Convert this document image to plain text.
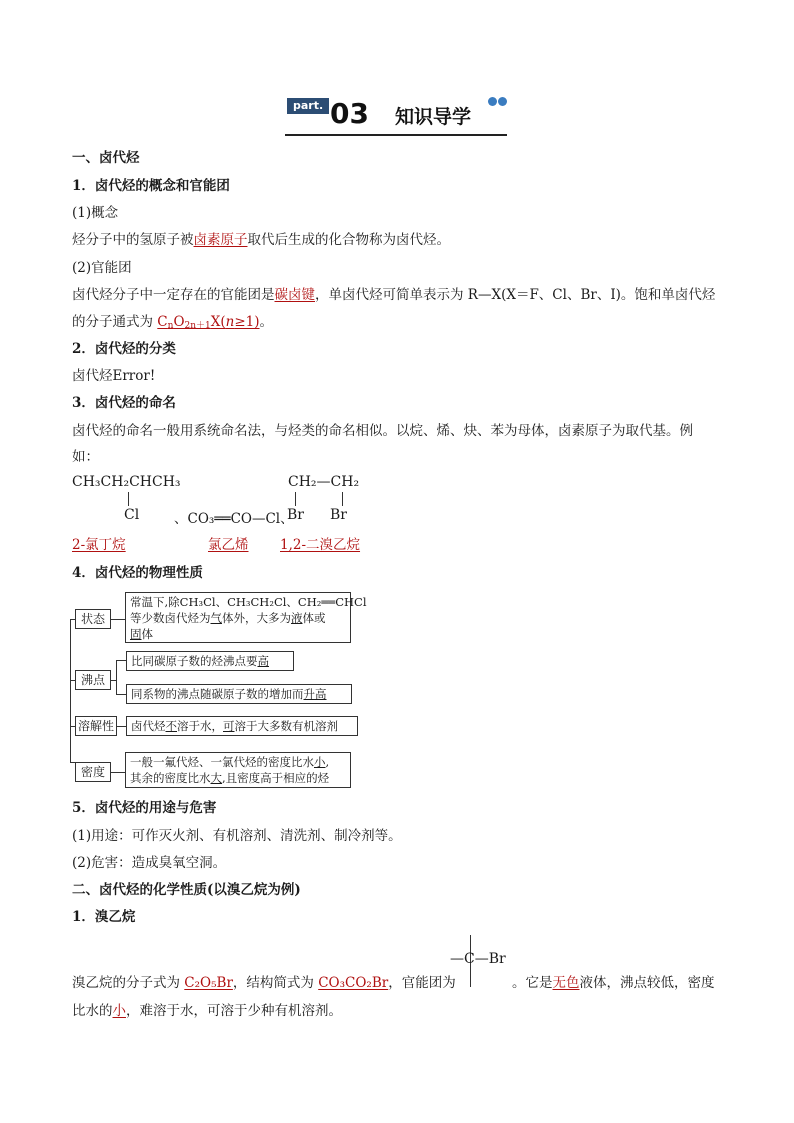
part. 03 知识导学
一、卤代烃
1．卤代烃的概念和官能团
(1)概念
烃分子中的氢原子被卤素原子取代后生成的化合物称为卤代烃。
(2)官能团
卤代烃分子中一定存在的官能团是碳卤键，单卤代烃可简单表示为 R—X(X＝F、Cl、Br、I)。饱和单卤代烃
的分子通式为 $C_nO_{2n+1}X(n\ge 1)$。
2．卤代烃的分类
卤代烃Error!
3．卤代烃的命名
卤代烃的命名一般用系统命名法，与烃类的命名相似。以烷、烯、炔、苯为母体，卤素原子为取代基。例
如：
CH₃CH₂CHCH₃
Cl	、CO₃══CO—Cl、
CH₂—CH₂
Br Br
2-氯丁烷	氯乙烯 1,2-二溴乙烷
4．卤代烃的物理性质
状态
常温下,除CH₃Cl、CH₃CH₂Cl、CH₂══CHCl
等少数卤代烃为气体外，大多为液体或
固体
沸点
比同碳原子数的烃沸点要高
同系物的沸点随碳原子数的增加而升高
溶解性	卤代烃不溶于水，可溶于大多数有机溶剂
密度
一般一氟代烃、一氯代烃的密度比水小,
其余的密度比水大,且密度高于相应的烃
5．卤代烃的用途与危害
(1)用途：可作灭火剂、有机溶剂、清洗剂、制冷剂等。
(2)危害：造成臭氧空洞。
二、卤代烃的化学性质(以溴乙烷为例)
1．溴乙烷
—C—Br
溴乙烷的分子式为 C₂O₅Br，结构简式为 CO₃CO₂Br，官能团为	。它是无色液体，沸点较低，密度
比水的小，难溶于水，可溶于少种有机溶剂。
